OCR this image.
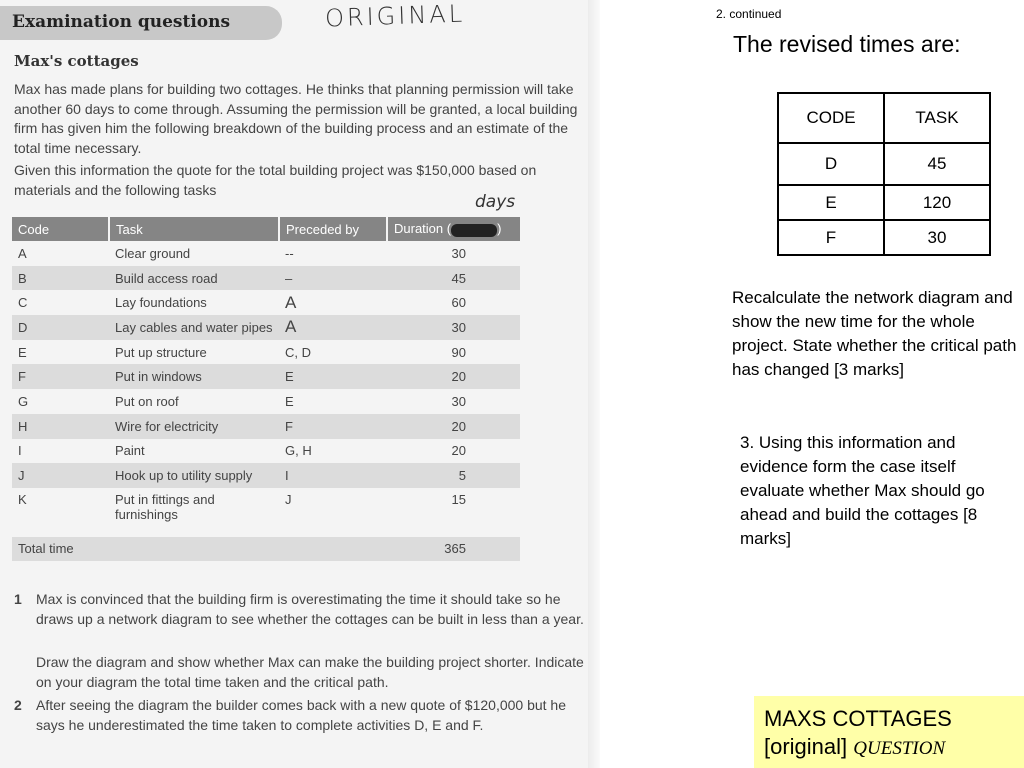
Examination questions	ORIGINAL
Max's cottages
Max has made plans for building two cottages. He thinks that planning permission will take another 60 days to come through. Assuming the permission will be granted, a local building firm has given him the following breakdown of the building process and an estimate of the total time necessary.
Given this information the quote for the total building project was $150,000 based on materials and the following tasks
days
Code	Task	Preceded by	Duration ( )
A	Clear ground	--	30
B	Build access road	–	45
C	Lay foundations	A	60
D	Lay cables and water pipes	A	30
E	Put up structure	C, D	90
F	Put in windows	E	20
G	Put on roof	E	30
H	Wire for electricity	F	20
I	Paint	G, H	20
J	Hook up to utility supply	I	5
K	Put in fittings and furnishings	J	15
Total time			365
1 Max is convinced that the building firm is overestimating the time it should take so he draws up a network diagram to see whether the cottages can be built in less than a year.
Draw the diagram and show whether Max can make the building project shorter. Indicate on your diagram the total time taken and the critical path.
2 After seeing the diagram the builder comes back with a new quote of $120,000 but he says he underestimated the time taken to complete activities D, E and F.
2. continued
The revised times are:
CODE	TASK
D	45
E	120
F	30
Recalculate the network diagram and show the new time for the whole project. State whether the critical path has changed [3 marks]
3. Using this information and evidence form the case itself evaluate whether Max should go ahead and build the cottages [8 marks]
MAXS COTTAGES
[original] QUESTION
